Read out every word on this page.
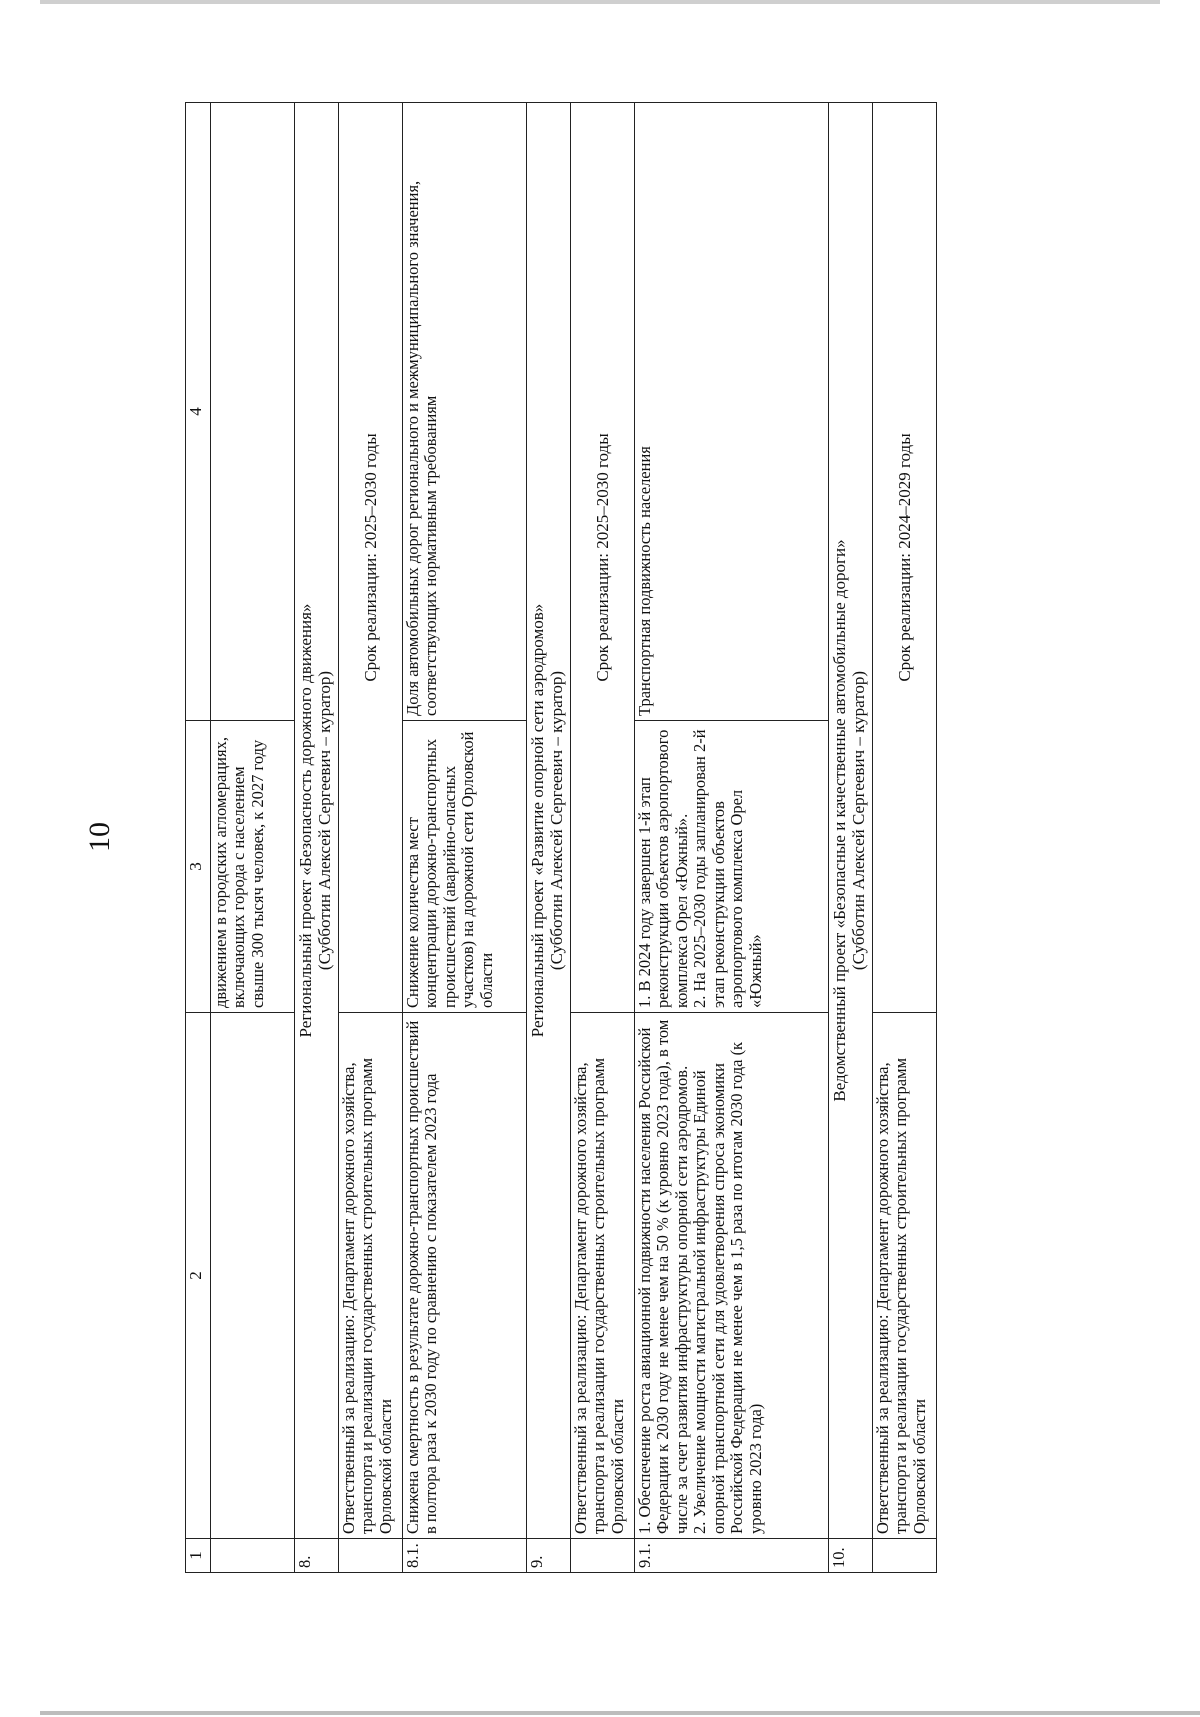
10
1	2	3	4
		движением в городских агломерациях, включающих города с населением свыше 300 тысяч человек, к 2027 году	
8.	Региональный проект «Безопасность дорожного движения» (Субботин Алексей Сергеевич – куратор)		

	Ответственный за реализацию: Департамент дорожного хозяйства, транспорта и реализации государственных строительных программ Орловской области	Срок реализации: 2025–2030 годы	
8.1.	Снижена смертность в результате дорожно-транспортных происшествий в полтора раза к 2030 году по сравнению с показателем 2023 года	Снижение количества мест концентрации дорожно-транспортных происшествий (аварийно-опасных участков) на дорожной сети Орловской области	Доля автомобильных дорог регионального и межмуниципального значения, соответствующих нормативным требованиям
9.	Региональный проект «Развитие опорной сети аэродромов» (Субботин Алексей Сергеевич – куратор)		

	Ответственный за реализацию: Департамент дорожного хозяйства, транспорта и реализации государственных строительных программ Орловской области	Срок реализации: 2025–2030 годы	
9.1.	1. Обеспечение роста авиационной подвижности населения Российской Федерации к 2030 году не менее чем на 50 % (к уровню 2023 года), в том числе за счет развития инфраструктуры опорной сети аэродромов. 2. Увеличение мощности магистральной инфраструктуры Единой опорной транспортной сети для удовлетворения спроса экономики Российской Федерации не менее чем в 1,5 раза по итогам 2030 года (к уровню 2023 года)	1. В 2024 году завершен 1-й этап реконструкции объектов аэропортового комплекса Орел «Южный». 2. На 2025–2030 годы запланирован 2-й этап реконструкции объектов аэропортового комплекса Орел «Южный»	Транспортная подвижность населения
10.	Ведомственный проект «Безопасные и качественные автомобильные дороги» (Субботин Алексей Сергеевич – куратор)		

	Ответственный за реализацию: Департамент дорожного хозяйства, транспорта и реализации государственных строительных программ Орловской области	Срок реализации: 2024–2029 годы	
